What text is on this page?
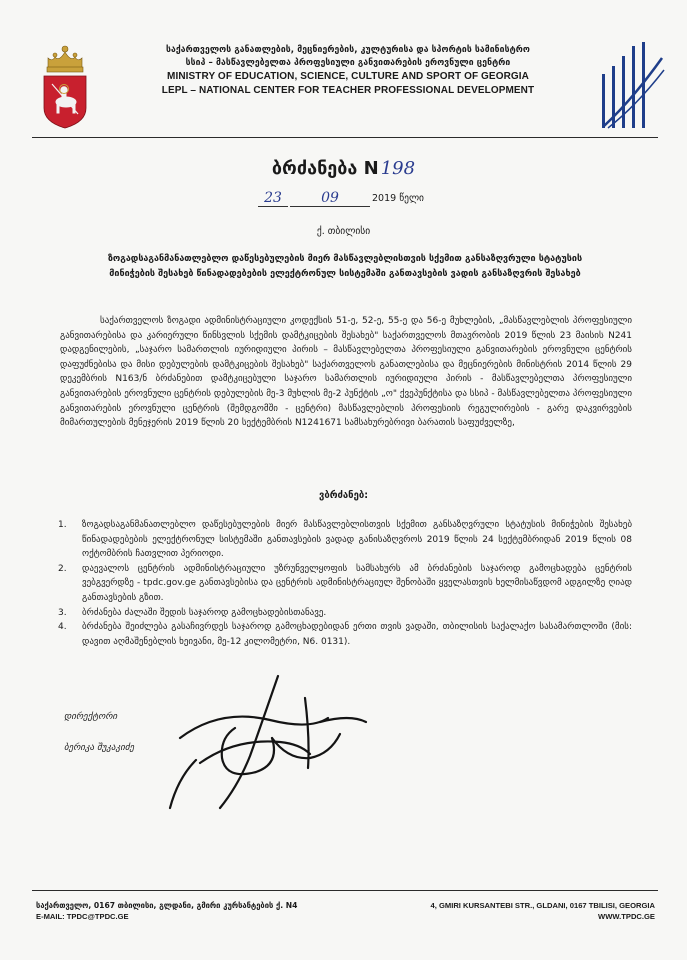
საქართველოს განათლების, მეცნიერების, კულტურისა და სპორტის სამინისტრო
სსიპ – მასწავლებელთა პროფესიული განვითარების ეროვნული ცენტრი
MINISTRY OF EDUCATION, SCIENCE, CULTURE AND SPORT OF GEORGIA
LEPL – NATIONAL CENTER FOR TEACHER PROFESSIONAL DEVELOPMENT
ბრძანება N 198
23	09	2019 წელი
ქ. თბილისი
ზოგადსაგანმანათლებლო დაწესებულების მიერ მასწავლებლისთვის სქემით განსაზღვრული სტატუსის მინიჭების შესახებ წინადადებების ელექტრონულ სისტემაში განთავსების ვადის განსაზღვრის შესახებ

საქართველოს ზოგადი ადმინისტრაციული კოდექსის 51-ე, 52-ე, 55-ე და 56-ე მუხლების, „მასწავლებლის პროფესიული განვითარებისა და კარიერული წინსვლის სქემის დამტკიცების შესახებ" საქართველოს მთავრობის 2019 წლის 23 მაისის N241 დადგენილების, „საჯარო სამართლის იურიდიული პირის – მასწავლებელთა პროფესიული განვითარების ეროვნული ცენტრის დაფუძნებისა და მისი დებულების დამტკიცების შესახებ" საქართველოს განათლებისა და მეცნიერების მინისტრის 2014 წლის 29 დეკემბრის N163/ნ ბრძანებით დამტკიცებული საჯარო სამართლის იურიდიული პირის - მასწავლებელთა პროფესიული განვითარების ეროვნული ცენტრის დებულების მე-3 მუხლის მე-2 პუნქტის „ო" ქვეპუნქტისა და სსიპ - მასწავლებელთა პროფესიული განვითარების ეროვნული ცენტრის (შემდგომში - ცენტრი) მასწავლებლის პროფესიის რეგულირების - გარე დაკვირვების მიმართულების მენეჯერის 2019 წლის 20 სექტემბრის N1241671 სამსახურებრივი ბარათის საფუძველზე,

ვბრძანებ:
1. ზოგადსაგანმანათლებლო დაწესებულების მიერ მასწავლებლისთვის სქემით განსაზღვრული სტატუსის მინიჭების შესახებ წინადადებების ელექტრონულ სისტემაში განთავსების ვადად განისაზღვროს 2019 წლის 24 სექტემბრიდან 2019 წლის 08 ოქტომბრის ჩათვლით პერიოდი.
2. დაევალოს ცენტრის ადმინისტრაციული უზრუნველყოფის სამსახურს ამ ბრძანების საჯაროდ გამოცხადება ცენტრის ვებგვერდზე - tpdc.gov.ge განთავსებისა და ცენტრის ადმინისტრაციულ შენობაში ყველასთვის ხელმისაწვდომ ადგილზე ღიად განთავსების გზით.
3. ბრძანება ძალაში შედის საჯაროდ გამოცხადებისთანავე.
4. ბრძანება შეიძლება გასაჩივრდეს საჯაროდ გამოცხადებიდან ერთი თვის ვადაში, თბილისის საქალაქო სასამართლოში (მის: დავით აღმაშენებლის ხეივანი, მე-12 კილომეტრი, N6. 0131).
დირექტორი
ბერიკა შუკაკიძე
საქართველო, 0167 თბილისი, გლდანი, გმირი კურსანტების ქ. N4
E-MAIL: TPDC@TPDC.GE
4, GMIRI KURSANTEBI STR., GLDANI, 0167 TBILISI, GEORGIA
WWW.TPDC.GE
